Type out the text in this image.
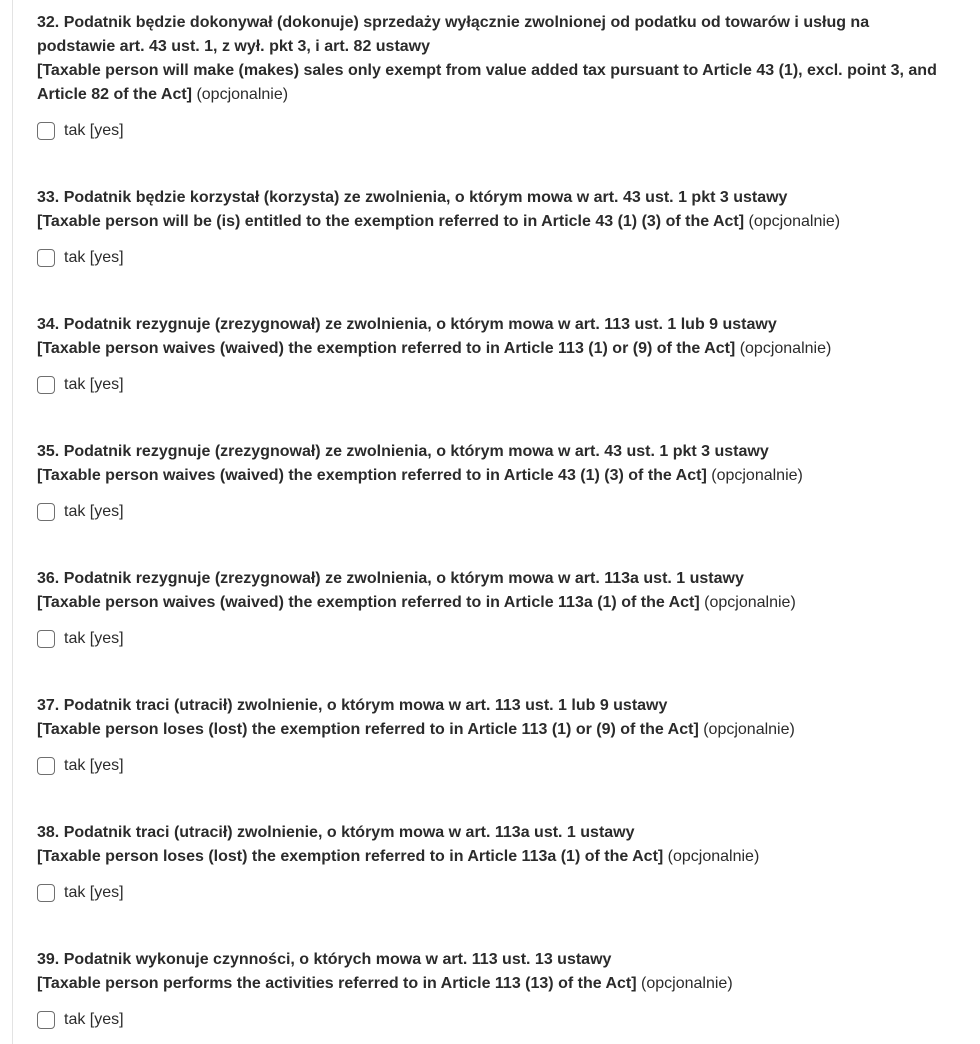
32. Podatnik będzie dokonywał (dokonuje) sprzedaży wyłącznie zwolnionej od podatku od towarów i usług na podstawie art. 43 ust. 1, z wył. pkt 3, i art. 82 ustawy
[Taxable person will make (makes) sales only exempt from value added tax pursuant to Article 43 (1), excl. point 3, and Article 82 of the Act] (opcjonalnie)

tak [yes]

33. Podatnik będzie korzystał (korzysta) ze zwolnienia, o którym mowa w art. 43 ust. 1 pkt 3 ustawy
[Taxable person will be (is) entitled to the exemption referred to in Article 43 (1) (3) of the Act] (opcjonalnie)

tak [yes]

34. Podatnik rezygnuje (zrezygnował) ze zwolnienia, o którym mowa w art. 113 ust. 1 lub 9 ustawy
[Taxable person waives (waived) the exemption referred to in Article 113 (1) or (9) of the Act] (opcjonalnie)

tak [yes]

35. Podatnik rezygnuje (zrezygnował) ze zwolnienia, o którym mowa w art. 43 ust. 1 pkt 3 ustawy
[Taxable person waives (waived) the exemption referred to in Article 43 (1) (3) of the Act] (opcjonalnie)

tak [yes]

36. Podatnik rezygnuje (zrezygnował) ze zwolnienia, o którym mowa w art. 113a ust. 1 ustawy
[Taxable person waives (waived) the exemption referred to in Article 113a (1) of the Act] (opcjonalnie)

tak [yes]

37. Podatnik traci (utracił) zwolnienie, o którym mowa w art. 113 ust. 1 lub 9 ustawy
[Taxable person loses (lost) the exemption referred to in Article 113 (1) or (9) of the Act] (opcjonalnie)

tak [yes]

38. Podatnik traci (utracił) zwolnienie, o którym mowa w art. 113a ust. 1 ustawy
[Taxable person loses (lost) the exemption referred to in Article 113a (1) of the Act] (opcjonalnie)

tak [yes]

39. Podatnik wykonuje czynności, o których mowa w art. 113 ust. 13 ustawy
[Taxable person performs the activities referred to in Article 113 (13) of the Act] (opcjonalnie)

tak [yes]
